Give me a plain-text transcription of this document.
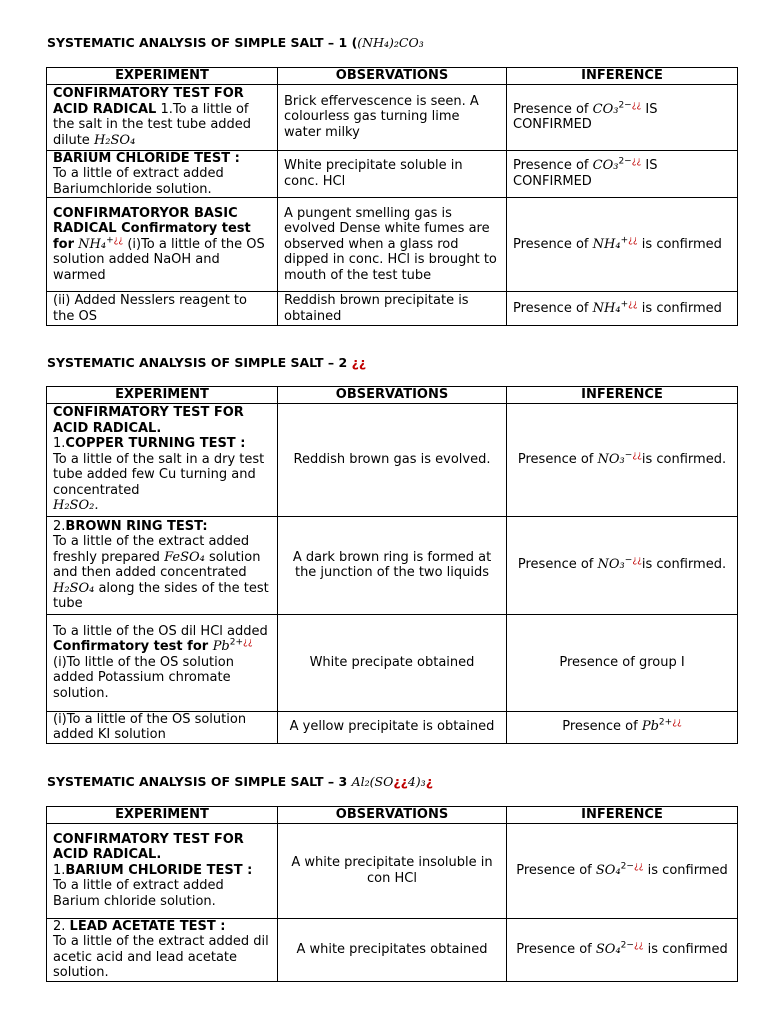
SYSTEMATIC ANALYSIS OF SIMPLE SALT – 1 ((NH₄)₂CO₃
EXPERIMENT	OBSERVATIONS	INFERENCE
CONFIRMATORY TEST FOR ACID RADICAL 1.To a little of the salt in the test tube added dilute H₂SO₄	Brick effervescence is seen. A colourless gas turning lime water milky	Presence of CO₃$^{2-¿¿}$ IS CONFIRMED
BARIUM CHLORIDE TEST :
To a little of extract added Bariumchloride solution.	White precipitate soluble in conc. HCl	Presence of CO₃$^{2-¿¿}$ IS CONFIRMED
CONFIRMATORYOR BASIC RADICAL Confirmatory test for NH₄+¿¿ (i)To a little of the OS solution added NaOH and warmed	A pungent smelling gas is evolved Dense white fumes are observed when a glass rod dipped in conc. HCl is brought to mouth of the test tube	Presence of NH₄+¿¿ is confirmed
(ii) Added Nesslers reagent to the OS	Reddish brown precipitate is obtained	Presence of NH₄+¿¿ is confirmed
SYSTEMATIC ANALYSIS OF SIMPLE SALT – 2 ¿¿
EXPERIMENT	OBSERVATIONS	INFERENCE
CONFIRMATORY TEST FOR ACID RADICAL.
1.COPPER TURNING TEST :
To a little of the salt in a dry test tube added few Cu turning and concentrated
H₂SO₂.	Reddish brown gas is evolved.	Presence of NO₃−¿¿is confirmed.
2.BROWN RING TEST:
To a little of the extract added freshly prepared FeSO₄ solution and then added concentrated H₂SO₄ along the sides of the test tube	A dark brown ring is formed at the junction of the two liquids	Presence of NO₃−¿¿is confirmed.
To a little of the OS dil HCl added Confirmatory test for $Pb^{2+¿¿}$
(i)To little of the OS solution added Potassium chromate solution.	White precipate obtained	Presence of group I
(i)To a little of the OS solution added KI solution	A yellow precipitate is obtained	Presence of $Pb^{2+¿¿}$
SYSTEMATIC ANALYSIS OF SIMPLE SALT – 3 Al₂(SO¿¿4)₃¿
EXPERIMENT	OBSERVATIONS	INFERENCE
CONFIRMATORY TEST FOR ACID RADICAL.
1.BARIUM CHLORIDE TEST :
To a little of extract added Barium chloride solution.	A white precipitate insoluble in con HCl	Presence of SO₄$^{2-¿¿}$ is confirmed
2. LEAD ACETATE TEST :
To a little of the extract added dil acetic acid and lead acetate solution.	A white precipitates obtained	Presence of SO₄$^{2-¿¿}$ is confirmed
